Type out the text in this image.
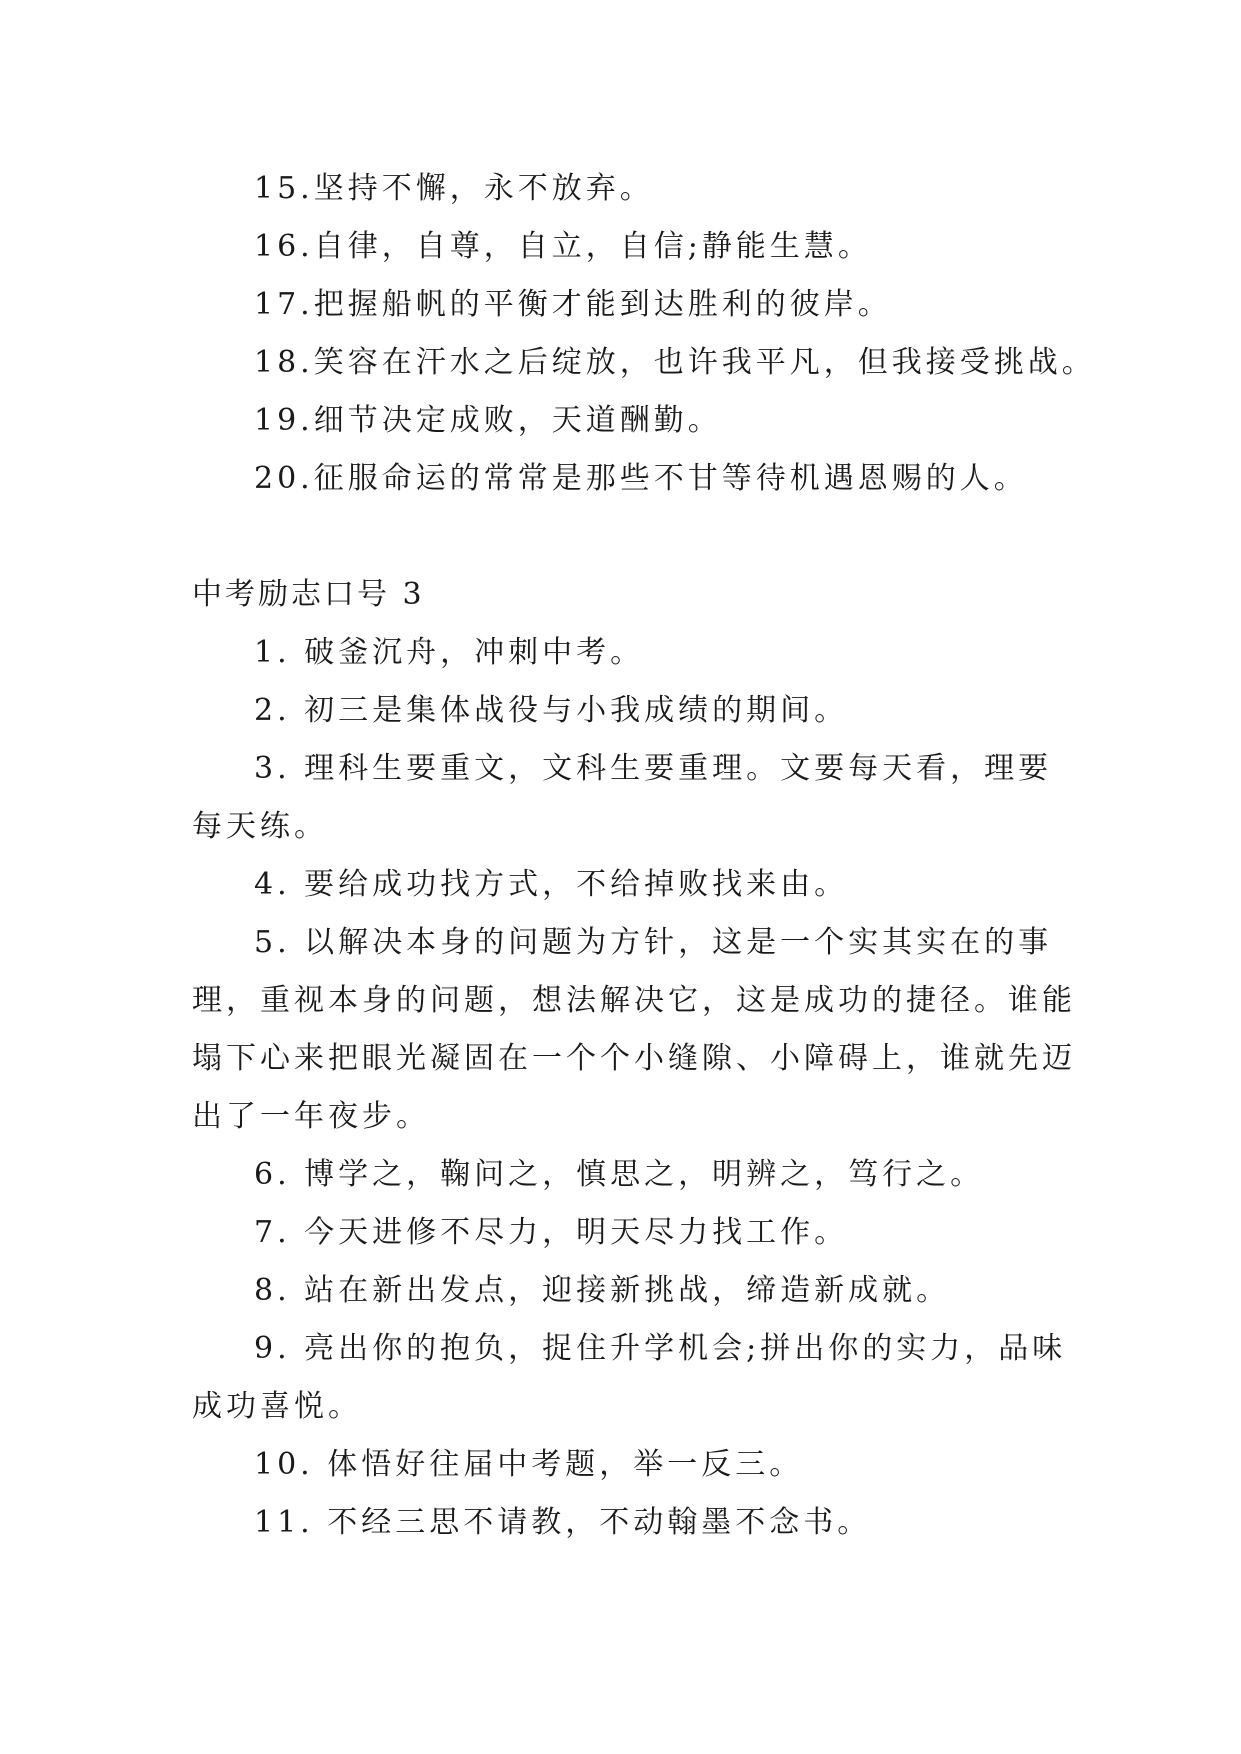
15.坚持不懈，永不放弃。

16.自律，自尊，自立，自信;静能生慧。

17.把握船帆的平衡才能到达胜利的彼岸。

18.笑容在汗水之后绽放，也许我平凡，但我接受挑战。

19.细节决定成败，天道酬勤。

20.征服命运的常常是那些不甘等待机遇恩赐的人。

中考励志口号 3

1. 破釜沉舟，冲刺中考。

2. 初三是集体战役与小我成绩的期间。

3. 理科生要重文，文科生要重理。文要每天看，理要

每天练。

4. 要给成功找方式，不给掉败找来由。

5. 以解决本身的问题为方针，这是一个实其实在的事

理，重视本身的问题，想法解决它，这是成功的捷径。谁能

塌下心来把眼光凝固在一个个小缝隙、小障碍上，谁就先迈

出了一年夜步。

6. 博学之，鞠问之，慎思之，明辨之，笃行之。

7. 今天进修不尽力，明天尽力找工作。

8. 站在新出发点，迎接新挑战，缔造新成就。

9. 亮出你的抱负，捉住升学机会;拼出你的实力，品味

成功喜悦。

10. 体悟好往届中考题，举一反三。

11. 不经三思不请教，不动翰墨不念书。
